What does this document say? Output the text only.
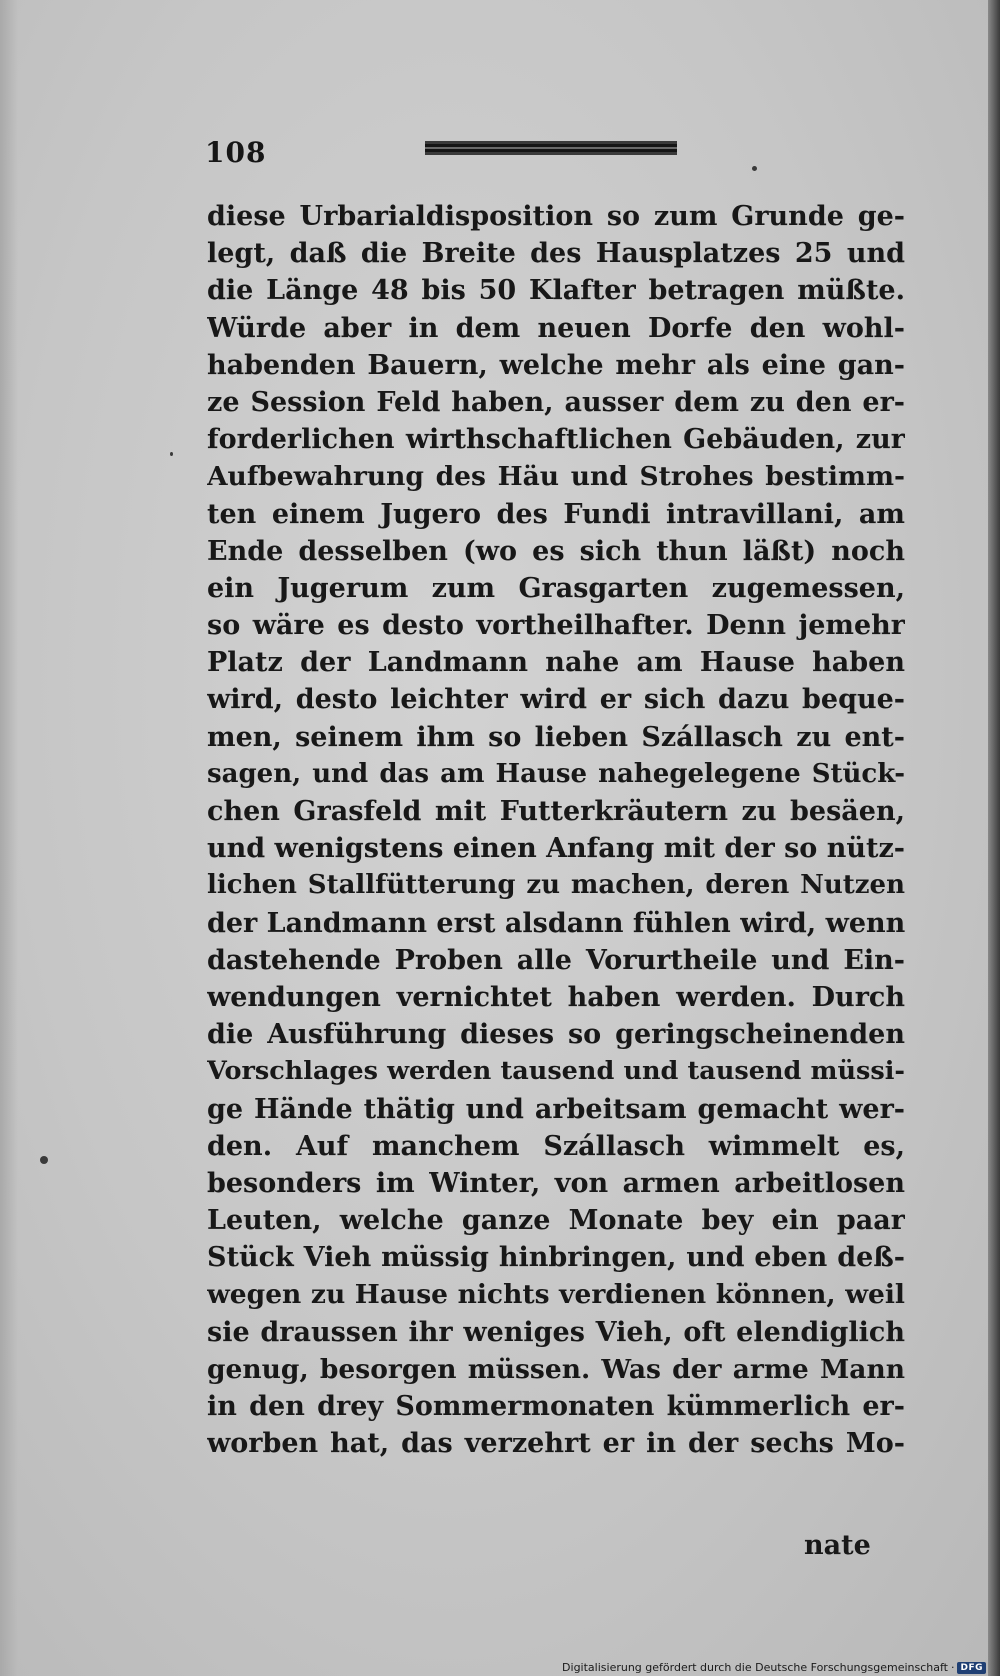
108
diese Urbarialdisposition so zum Grunde ge-
legt, daß die Breite des Hausplatzes 25 und
die Länge 48 bis 50 Klafter betragen müßte.
Würde aber in dem neuen Dorfe den wohl-
habenden Bauern, welche mehr als eine gan-
ze Session Feld haben, ausser dem zu den er-
forderlichen wirthschaftlichen Gebäuden, zur
Aufbewahrung des Häu und Strohes bestimm-
ten einem Jugero des Fundi intravillani, am
Ende desselben (wo es sich thun läßt) noch
ein Jugerum zum Grasgarten zugemessen,
so wäre es desto vortheilhafter. Denn jemehr
Platz der Landmann nahe am Hause haben
wird, desto leichter wird er sich dazu beque-
men, seinem ihm so lieben Szállasch zu ent-
sagen, und das am Hause nahegelegene Stück-
chen Grasfeld mit Futterkräutern zu besäen,
und wenigstens einen Anfang mit der so nütz-
lichen Stallfütterung zu machen, deren Nutzen
der Landmann erst alsdann fühlen wird, wenn
dastehende Proben alle Vorurtheile und Ein-
wendungen vernichtet haben werden. Durch
die Ausführung dieses so geringscheinenden
Vorschlages werden tausend und tausend müssi-
ge Hände thätig und arbeitsam gemacht wer-
den. Auf manchem Szállasch wimmelt es,
besonders im Winter, von armen arbeitlosen
Leuten, welche ganze Monate bey ein paar
Stück Vieh müssig hinbringen, und eben deß-
wegen zu Hause nichts verdienen können, weil
sie draussen ihr weniges Vieh, oft elendiglich
genug, besorgen müssen. Was der arme Mann
in den drey Sommermonaten kümmerlich er-
worben hat, das verzehrt er in der sechs Mo-
nate
Digitalisierung gefördert durch die Deutsche Forschungsgemeinschaft · DFG
